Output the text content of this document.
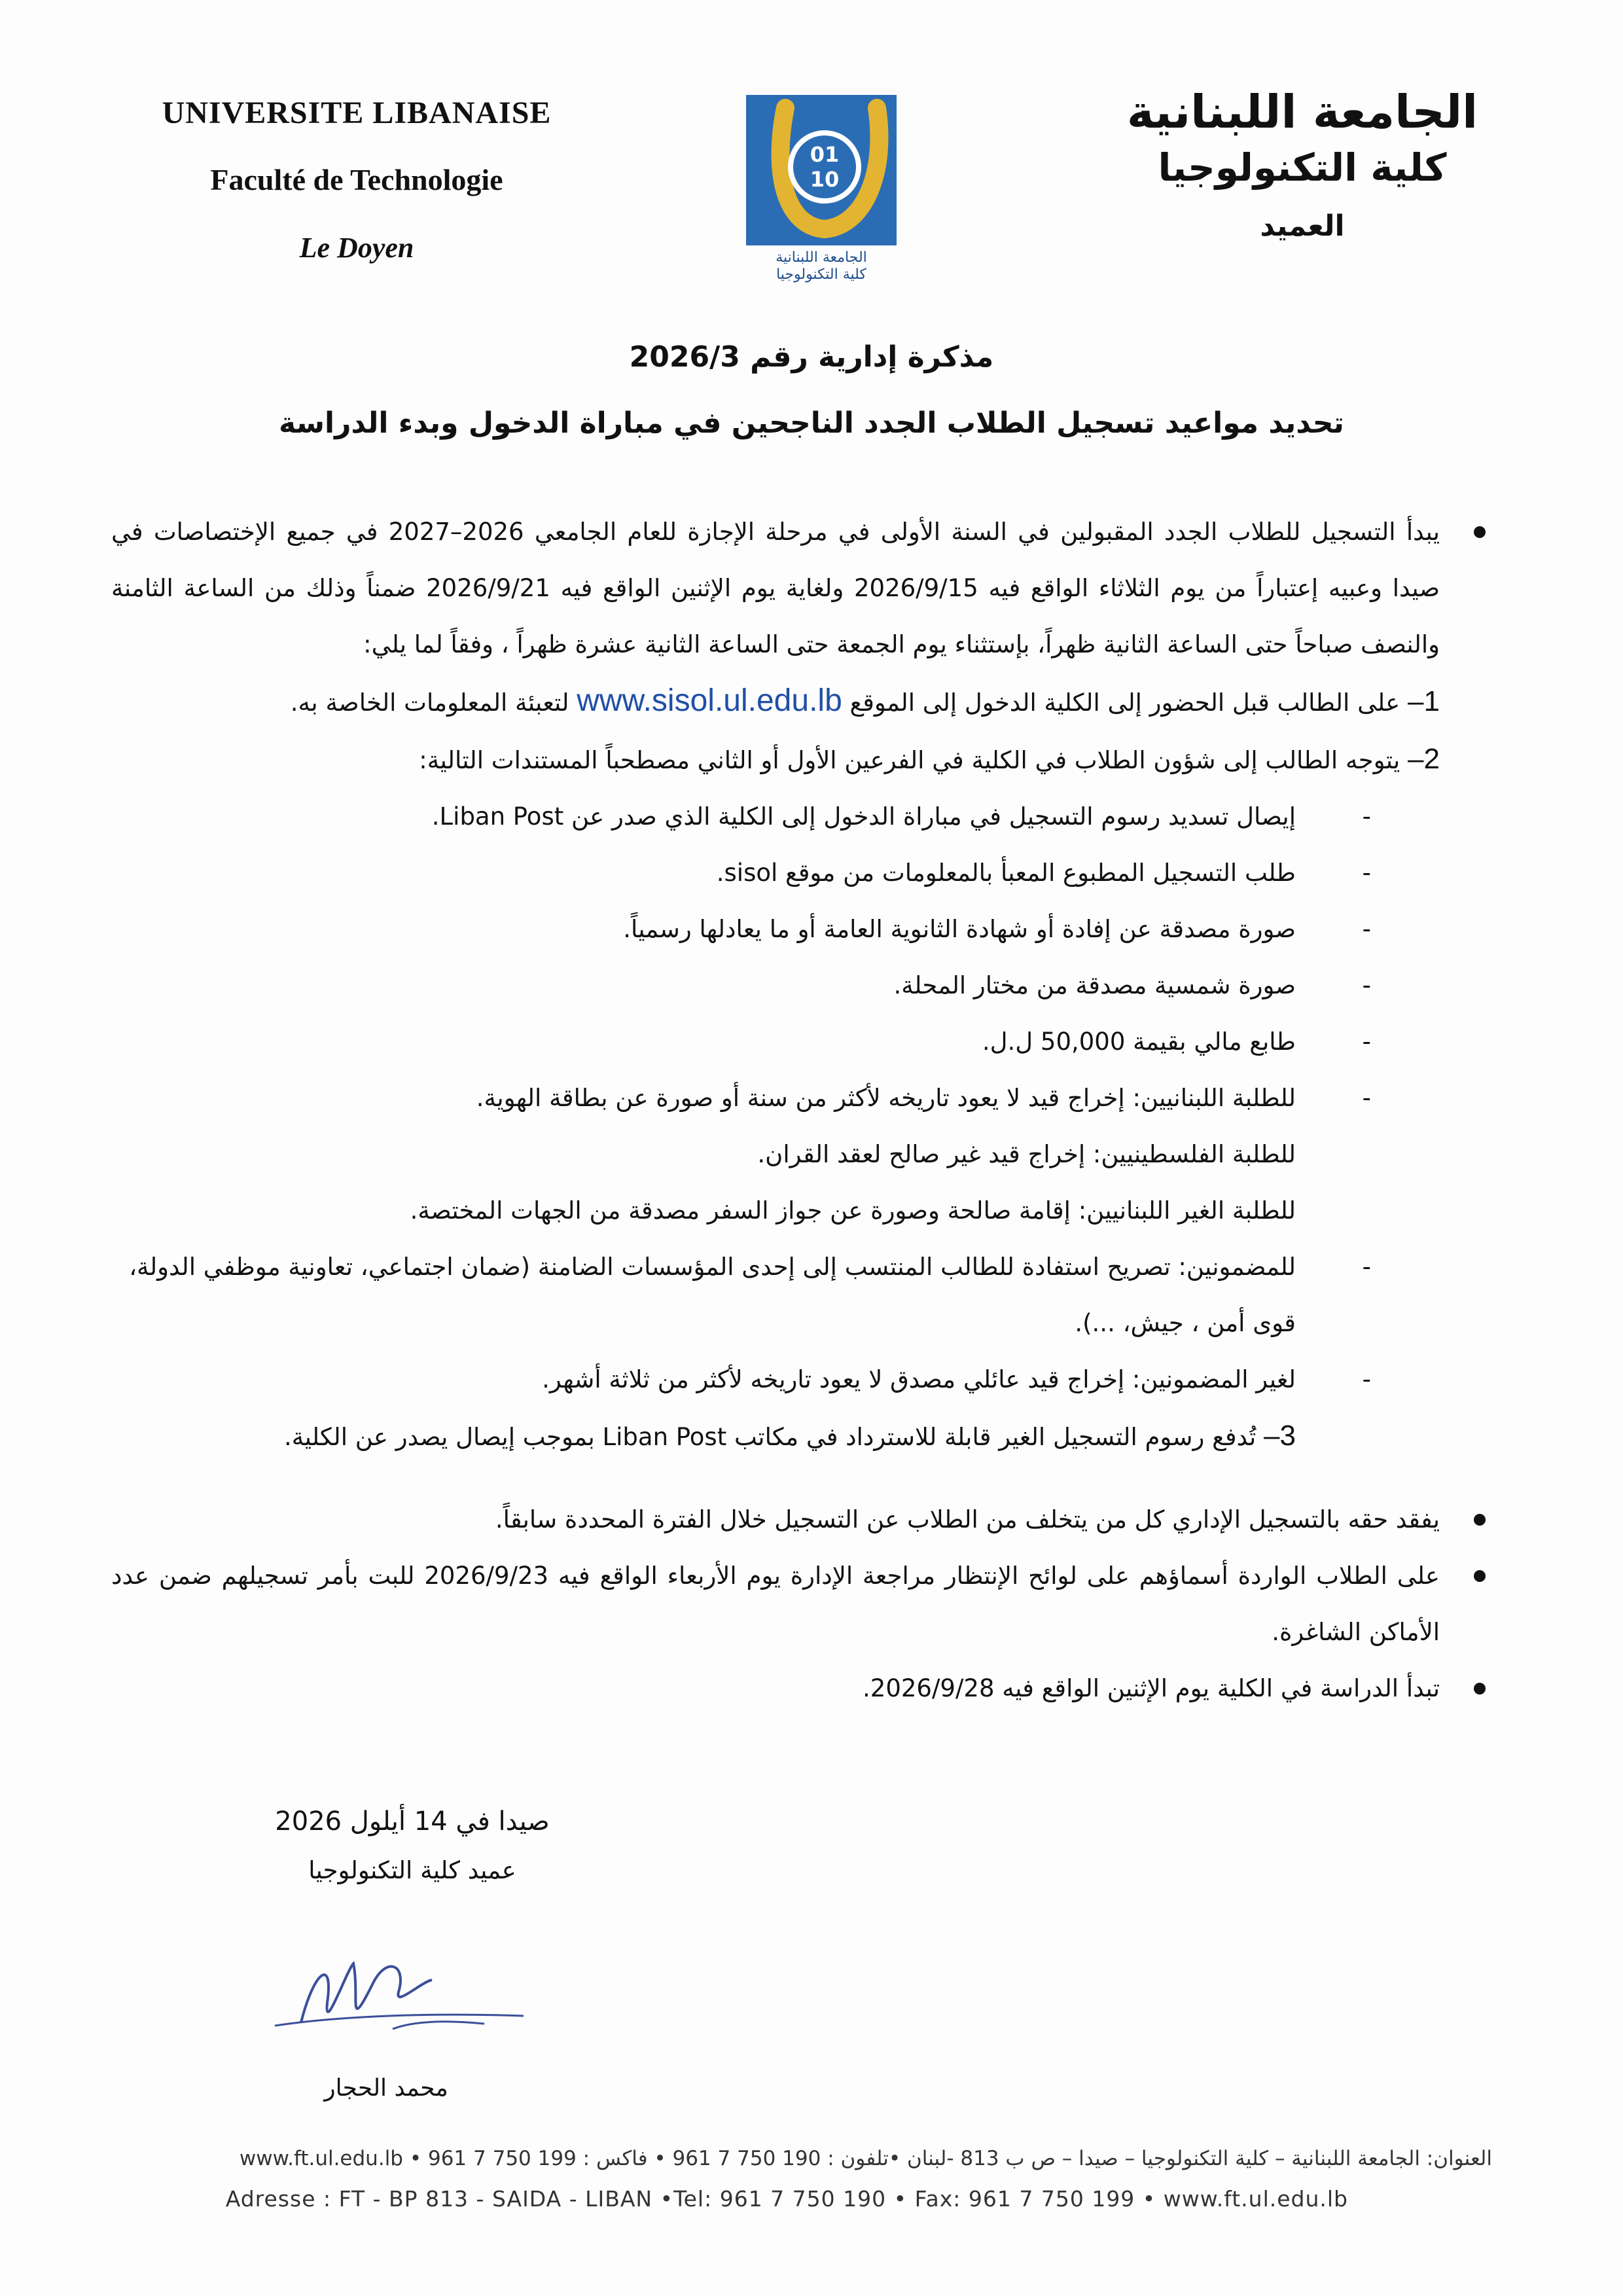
UNIVERSITE LIBANAISE
Faculté de Technologie
Le Doyen
01
10
الجامعة اللبنانية
كلية التكنولوجيا
الجامعة اللبنانية
كلية التكنولوجيا
العميد
مذكرة إدارية رقم 2026/3
تحديد مواعيد تسجيل الطلاب الجدد الناجحين في مباراة الدخول وبدء الدراسة
يبدأ التسجيل للطلاب الجدد المقبولين في السنة الأولى في مرحلة الإجازة للعام الجامعي 2026–2027 في جميع الإختصاصات في صيدا وعبيه إعتباراً من يوم الثلاثاء الواقع فيه 2026/9/15 ولغاية يوم الإثنين الواقع فيه 2026/9/21 ضمناً وذلك من الساعة الثامنة والنصف صباحاً حتى الساعة الثانية ظهراً، بإستثناء يوم الجمعة حتى الساعة الثانية عشرة ظهراً ، وفقاً لما يلي:
1– على الطالب قبل الحضور إلى الكلية الدخول إلى الموقع www.sisol.ul.edu.lb لتعبئة المعلومات الخاصة به.
2– يتوجه الطالب إلى شؤون الطلاب في الكلية في الفرعين الأول أو الثاني مصطحباً المستندات التالية:
-
إيصال تسديد رسوم التسجيل في مباراة الدخول إلى الكلية الذي صدر عن Liban Post.
-
طلب التسجيل المطبوع المعبأ بالمعلومات من موقع sisol.
-
صورة مصدقة عن إفادة أو شهادة الثانوية العامة أو ما يعادلها رسمياً.
-
صورة شمسية مصدقة من مختار المحلة.
-
طابع مالي بقيمة 50,000 ل.ل.
-
للطلبة اللبنانيين: إخراج قيد لا يعود تاريخه لأكثر من سنة أو صورة عن بطاقة الهوية.
للطلبة الفلسطينيين: إخراج قيد غير صالح لعقد القران.
للطلبة الغير اللبنانيين: إقامة صالحة وصورة عن جواز السفر مصدقة من الجهات المختصة.
-
للمضمونين: تصريح استفادة للطالب المنتسب إلى إحدى المؤسسات الضامنة (ضمان اجتماعي، تعاونية موظفي الدولة، قوى أمن ، جيش، ...).
-
لغير المضمونين: إخراج قيد عائلي مصدق لا يعود تاريخه لأكثر من ثلاثة أشهر.
3– تُدفع رسوم التسجيل الغير قابلة للاسترداد في مكاتب Liban Post بموجب إيصال يصدر عن الكلية.
يفقد حقه بالتسجيل الإداري كل من يتخلف من الطلاب عن التسجيل خلال الفترة المحددة سابقاً.
على الطلاب الواردة أسماؤهم على لوائح الإنتظار مراجعة الإدارة يوم الأربعاء الواقع فيه 2026/9/23 للبت بأمر تسجيلهم ضمن عدد الأماكن الشاغرة.
تبدأ الدراسة في الكلية يوم الإثنين الواقع فيه 2026/9/28.
صيدا في 14 أيلول 2026
عميد كلية التكنولوجيا
محمد الحجار
العنوان: الجامعة اللبنانية – كلية التكنولوجيا – صيدا – ص ب 813 -لبنان •تلفون : 190 750 7 961 • فاكس : 199 750 7 961 • www.ft.ul.edu.lb
Adresse : FT - BP 813 - SAIDA - LIBAN •Tel: 961 7 750 190 • Fax: 961 7 750 199 • www.ft.ul.edu.lb
